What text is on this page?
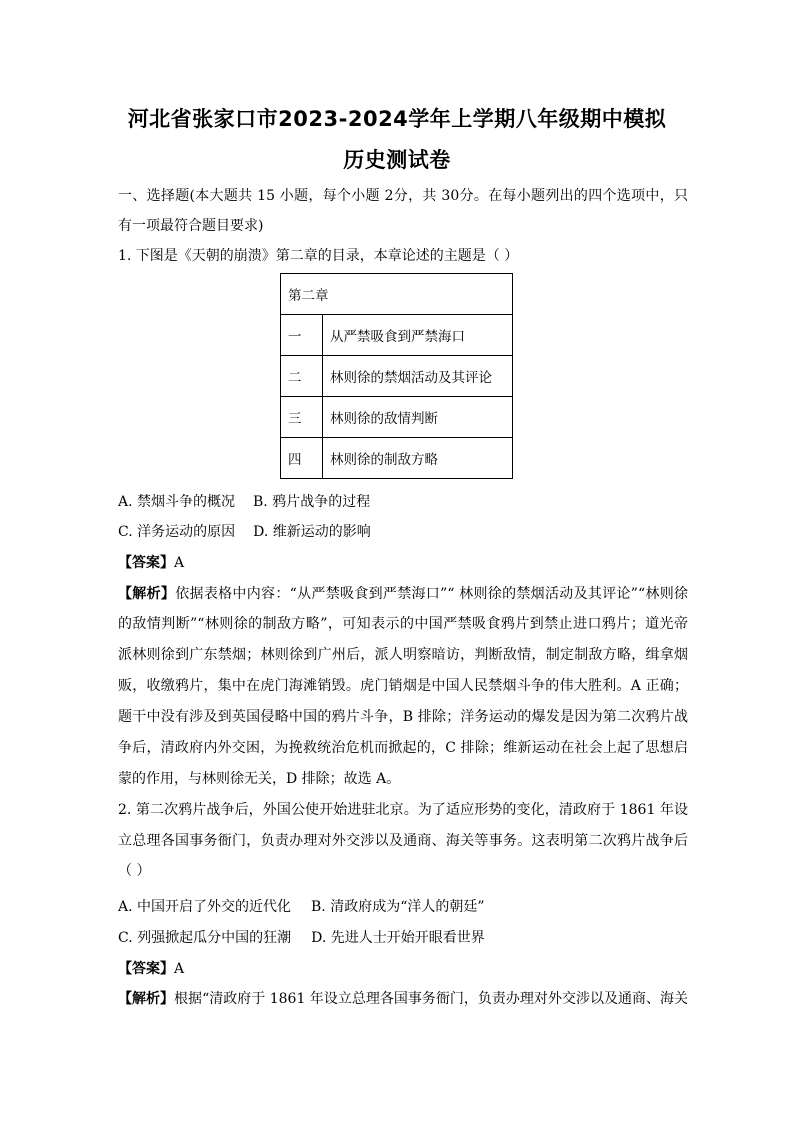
河北省张家口市2023-2024学年上学期八年级期中模拟
历史测试卷
一、选择题(本大题共 15 小题，每个小题 2分，共 30分。在每小题列出的四个选项中，只
有一项最符合题目要求)
1. 下图是《天朝的崩溃》第二章的目录，本章论述的主题是（ ）
第二章	
一	从严禁吸食到严禁海口
二	林则徐的禁烟活动及其评论
三	林则徐的敌情判断
四	林则徐的制敌方略
A. 禁烟斗争的概况 B. 鸦片战争的过程
C. 洋务运动的原因 D. 维新运动的影响
【答案】A
【解析】依据表格中内容：“从严禁吸食到严禁海口”“ 林则徐的禁烟活动及其评论”“林则徐
的敌情判断”“林则徐的制敌方略”，可知表示的中国严禁吸食鸦片到禁止进口鸦片；道光帝
派林则徐到广东禁烟；林则徐到广州后，派人明察暗访，判断敌情，制定制敌方略，缉拿烟
贩，收缴鸦片，集中在虎门海滩销毁。虎门销烟是中国人民禁烟斗争的伟大胜利。A 正确；
题干中没有涉及到英国侵略中国的鸦片斗争，B 排除；洋务运动的爆发是因为第二次鸦片战
争后，清政府内外交困，为挽救统治危机而掀起的，C 排除；维新运动在社会上起了思想启
蒙的作用，与林则徐无关，D 排除；故选 A。
2. 第二次鸦片战争后，外国公使开始进驻北京。为了适应形势的变化，清政府于 1861 年设
立总理各国事务衙门，负责办理对外交涉以及通商、海关等事务。这表明第二次鸦片战争后
（ ）
A. 中国开启了外交的近代化 B. 清政府成为“洋人的朝廷”
C. 列强掀起瓜分中国的狂潮 D. 先进人士开始开眼看世界
【答案】A
【解析】根据“清政府于 1861 年设立总理各国事务衙门，负责办理对外交涉以及通商、海关
